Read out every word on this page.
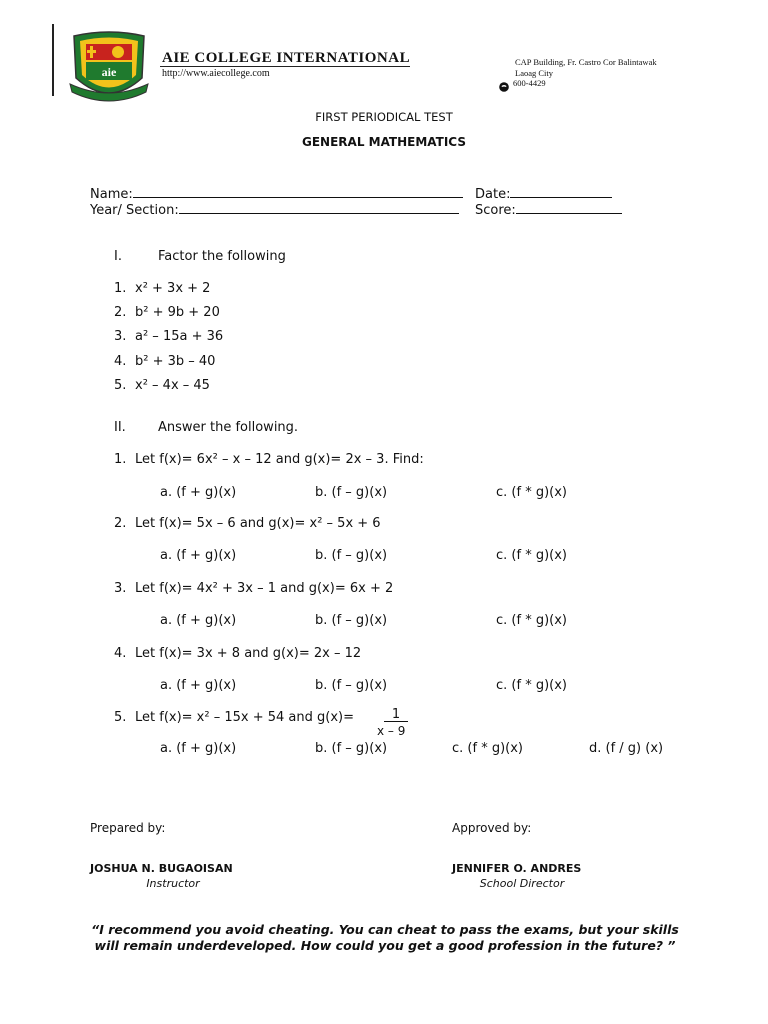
aie
AIE COLLEGE INTERNATIONAL
http://www.aiecollege.com
CAP Building, Fr. Castro Cor Balintawak
Laoag City
600-4429
FIRST PERIODICAL TEST
GENERAL MATHEMATICS
Name:	Date:
Year/ Section:	Score:
I.	Factor the following
1. x² + 3x + 2
2. b² + 9b + 20
3. a² – 15a + 36
4. b² + 3b – 40
5. x² – 4x – 45
II. Answer the following.
1. Let f(x)= 6x² – x – 12 and g(x)= 2x – 3. Find:
a. (f + g)(x)	b. (f – g)(x)	c. (f * g)(x)
2. Let f(x)= 5x – 6 and g(x)= x² – 5x + 6
a. (f + g)(x)	b. (f – g)(x)	c. (f * g)(x)
3. Let f(x)= 4x² + 3x – 1 and g(x)= 6x + 2
a. (f + g)(x)	b. (f – g)(x)	c. (f * g)(x)
4. Let f(x)= 3x + 8 and g(x)= 2x – 12
a. (f + g)(x)	b. (f – g)(x)	c. (f * g)(x)
5. Let f(x)= x² – 15x + 54 and g(x)=	1
x – 9
a. (f + g)(x)	b. (f – g)(x)	c. (f * g)(x)	d. (f / g) (x)
Prepared by:	Approved by:
JOSHUA N. BUGAOISAN
Instructor
JENNIFER O. ANDRES
School Director
“I recommend you avoid cheating. You can cheat to pass the exams, but your skills will remain underdeveloped. How could you get a good profession in the future? ”
